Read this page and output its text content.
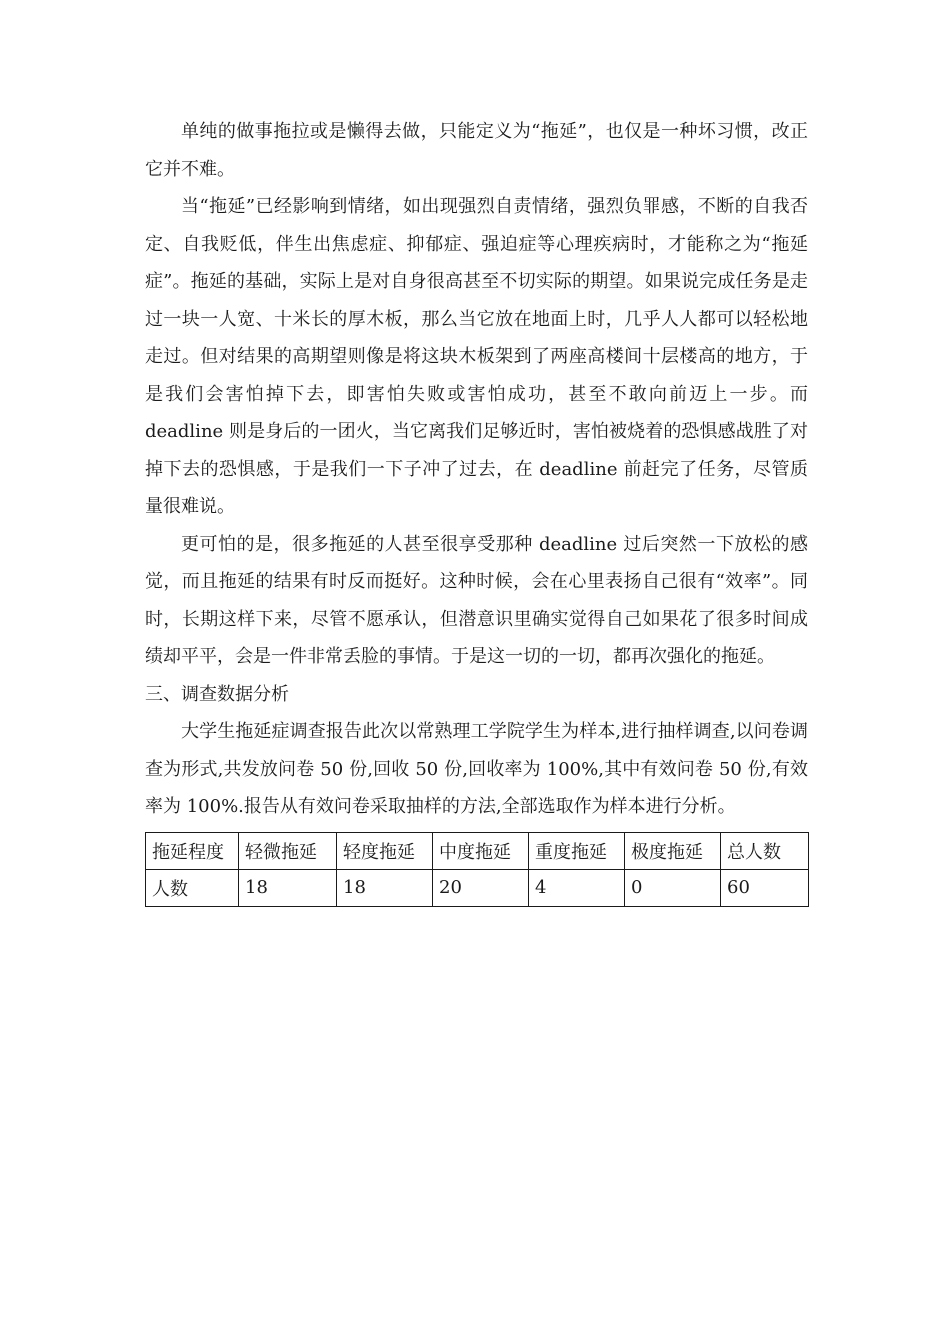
单纯的做事拖拉或是懒得去做，只能定义为“拖延”，也仅是一种坏习惯，改正它并不难。

当“拖延”已经影响到情绪，如出现强烈自责情绪，强烈负罪感，不断的自我否定、自我贬低，伴生出焦虑症、抑郁症、强迫症等心理疾病时，才能称之为“拖延症”。拖延的基础，实际上是对自身很高甚至不切实际的期望。如果说完成任务是走过一块一人宽、十米长的厚木板，那么当它放在地面上时，几乎人人都可以轻松地走过。但对结果的高期望则像是将这块木板架到了两座高楼间十层楼高的地方，于是我们会害怕掉下去，即害怕失败或害怕成功，甚至不敢向前迈上一步。而 deadline 则是身后的一团火，当它离我们足够近时，害怕被烧着的恐惧感战胜了对掉下去的恐惧感，于是我们一下子冲了过去，在 deadline 前赶完了任务，尽管质量很难说。

更可怕的是，很多拖延的人甚至很享受那种 deadline 过后突然一下放松的感觉，而且拖延的结果有时反而挺好。这种时候，会在心里表扬自己很有“效率”。同时，长期这样下来，尽管不愿承认，但潜意识里确实觉得自己如果花了很多时间成绩却平平，会是一件非常丢脸的事情。于是这一切的一切，都再次强化的拖延。

三、调查数据分析

大学生拖延症调查报告此次以常熟理工学院学生为样本,进行抽样调查,以问卷调查为形式,共发放问卷 50 份,回收 50 份,回收率为 100%,其中有效问卷 50 份,有效率为 100%.报告从有效问卷采取抽样的方法,全部选取作为样本进行分析。

拖延程度	轻微拖延	轻度拖延	中度拖延	重度拖延	极度拖延	总人数
人数	18	18	20	4	0	60
